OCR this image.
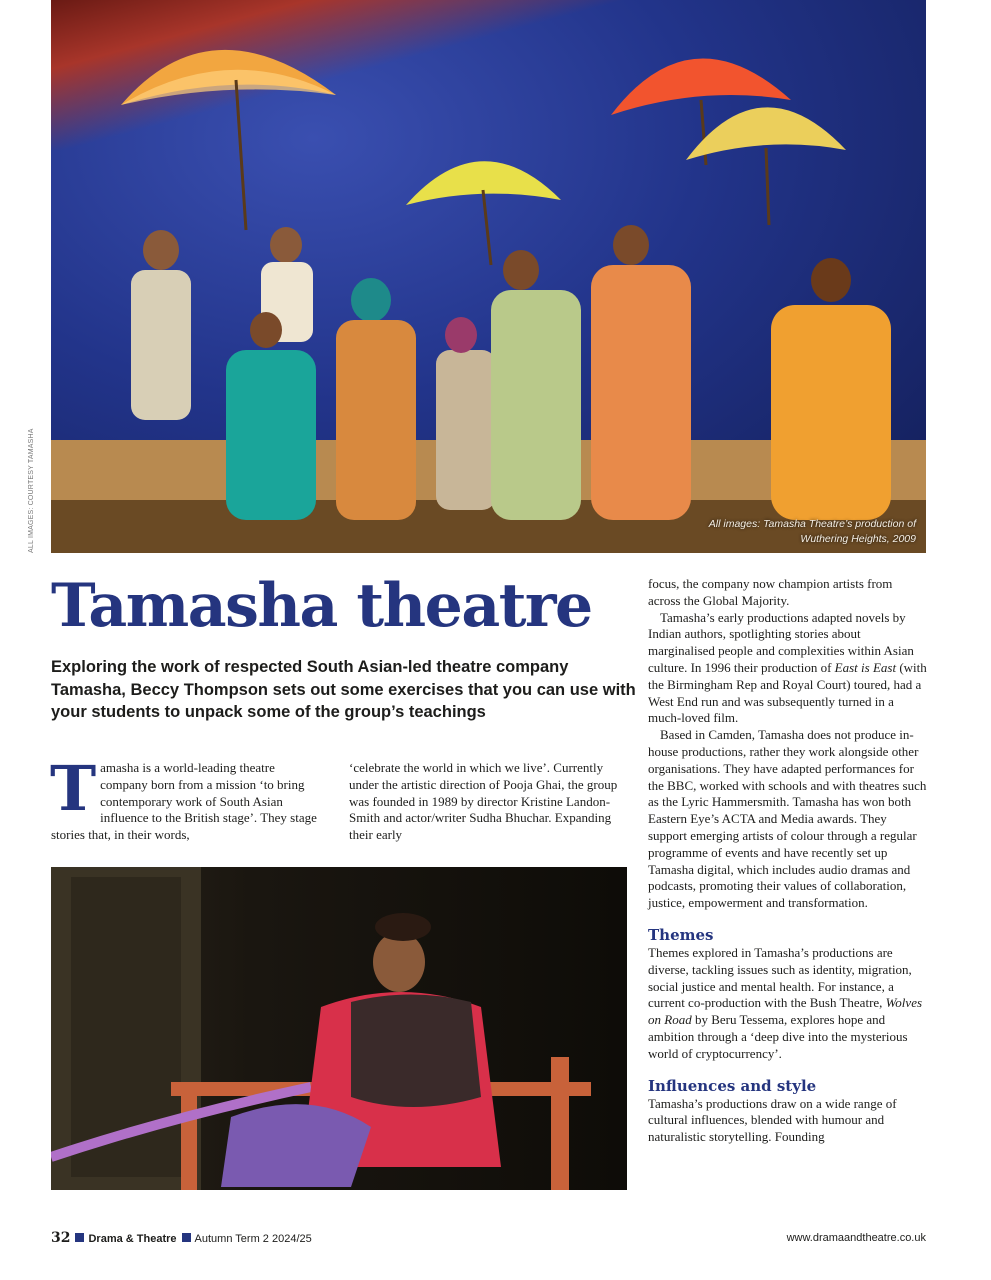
All images: Tamasha Theatre’s production of
Wuthering Heights, 2009
ALL IMAGES: COURTESY TAMASHA
Tamasha theatre
Exploring the work of respected South Asian-led theatre company Tamasha, Beccy Thompson sets out some exercises that you can use with your students to unpack some of the group’s teachings
Tamasha is a world-leading theatre company born from a mission ‘to bring contemporary work of South Asian influence to the British stage’. They stage stories that, in their words,
‘celebrate the world in which we live’. Currently under the artistic direction of Pooja Ghai, the group was founded in 1989 by director Kristine Landon-Smith and actor/writer Sudha Bhuchar. Expanding their early

focus, the company now champion artists from across the Global Majority.

Tamasha’s early productions adapted novels by Indian authors, spotlighting stories about marginalised people and complexities within Asian culture. In 1996 their production of East is East (with the Birmingham Rep and Royal Court) toured, had a West End run and was subsequently turned in a much-loved film.

Based in Camden, Tamasha does not produce in-house productions, rather they work alongside other organisations. They have adapted performances for the BBC, worked with schools and with theatres such as the Lyric Hammersmith. Tamasha has won both Eastern Eye’s ACTA and Media awards. They support emerging artists of colour through a regular programme of events and have recently set up Tamasha digital, which includes audio dramas and podcasts, promoting their values of collaboration, justice, empowerment and transformation.

Themes

Themes explored in Tamasha’s productions are diverse, tackling issues such as identity, migration, social justice and mental health. For instance, a current co-production with the Bush Theatre, Wolves on Road by Beru Tessema, explores hope and ambition through a ‘deep dive into the mysterious world of cryptocurrency’.

Influences and style

Tamasha’s productions draw on a wide range of cultural influences, blended with humour and naturalistic storytelling. Founding

32 Drama & Theatre Autumn Term 2 2024/25	www.dramaandtheatre.co.uk
